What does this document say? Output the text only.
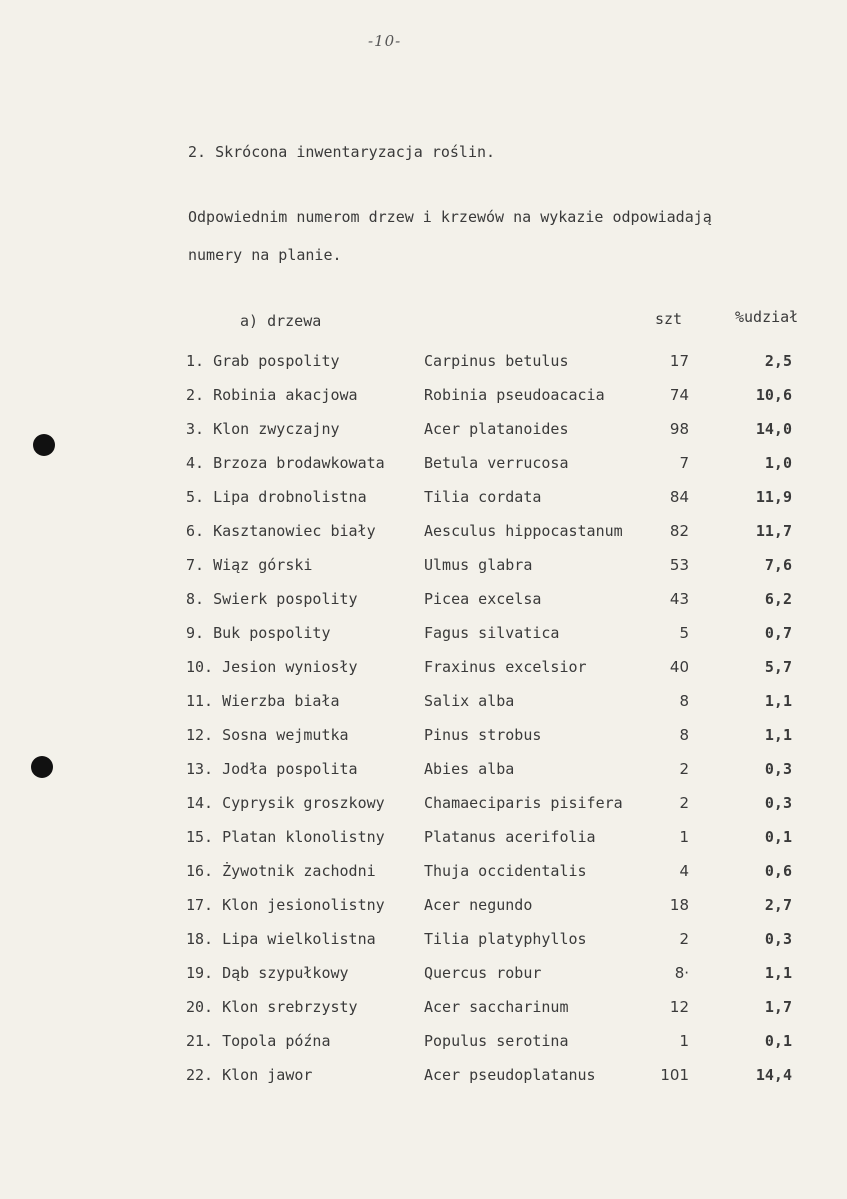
-10-
2. Skrócona inwentaryzacja roślin.
Odpowiednim numerom drzew i krzewów na wykazie odpowiadają
numery na planie.
a) drzewa	szt	%udział
1. Grab pospolity	Carpinus betulus	17	2,5
2. Robinia akacjowa	Robinia pseudoacacia	74	10,6
3. Klon zwyczajny	Acer platanoides	98	14,0
4. Brzoza brodawkowata	Betula verrucosa	7	1,0
5. Lipa drobnolistna	Tilia cordata	84	11,9
6. Kasztanowiec biały	Aesculus hippocastanum	82	11,7
7. Wiąz górski	Ulmus glabra	53	7,6
8. Swierk pospolity	Picea excelsa	43	6,2
9. Buk pospolity	Fagus silvatica	5	0,7
10. Jesion wyniosły	Fraxinus excelsior	40	5,7
11. Wierzba biała	Salix alba	8	1,1
12. Sosna wejmutka	Pinus strobus	8	1,1
13. Jodła pospolita	Abies alba	2	0,3
14. Cyprysik groszkowy	Chamaeciparis pisifera	2	0,3
15. Platan klonolistny	Platanus acerifolia	1	0,1
16. Żywotnik zachodni	Thuja occidentalis	4	0,6
17. Klon jesionolistny	Acer negundo	18	2,7
18. Lipa wielkolistna	Tilia platyphyllos	2	0,3
19. Dąb szypułkowy	Quercus robur	8·	1,1
20. Klon srebrzysty	Acer saccharinum	12	1,7
21. Topola późna	Populus serotina	1	0,1
22. Klon jawor	Acer pseudoplatanus	101	14,4
